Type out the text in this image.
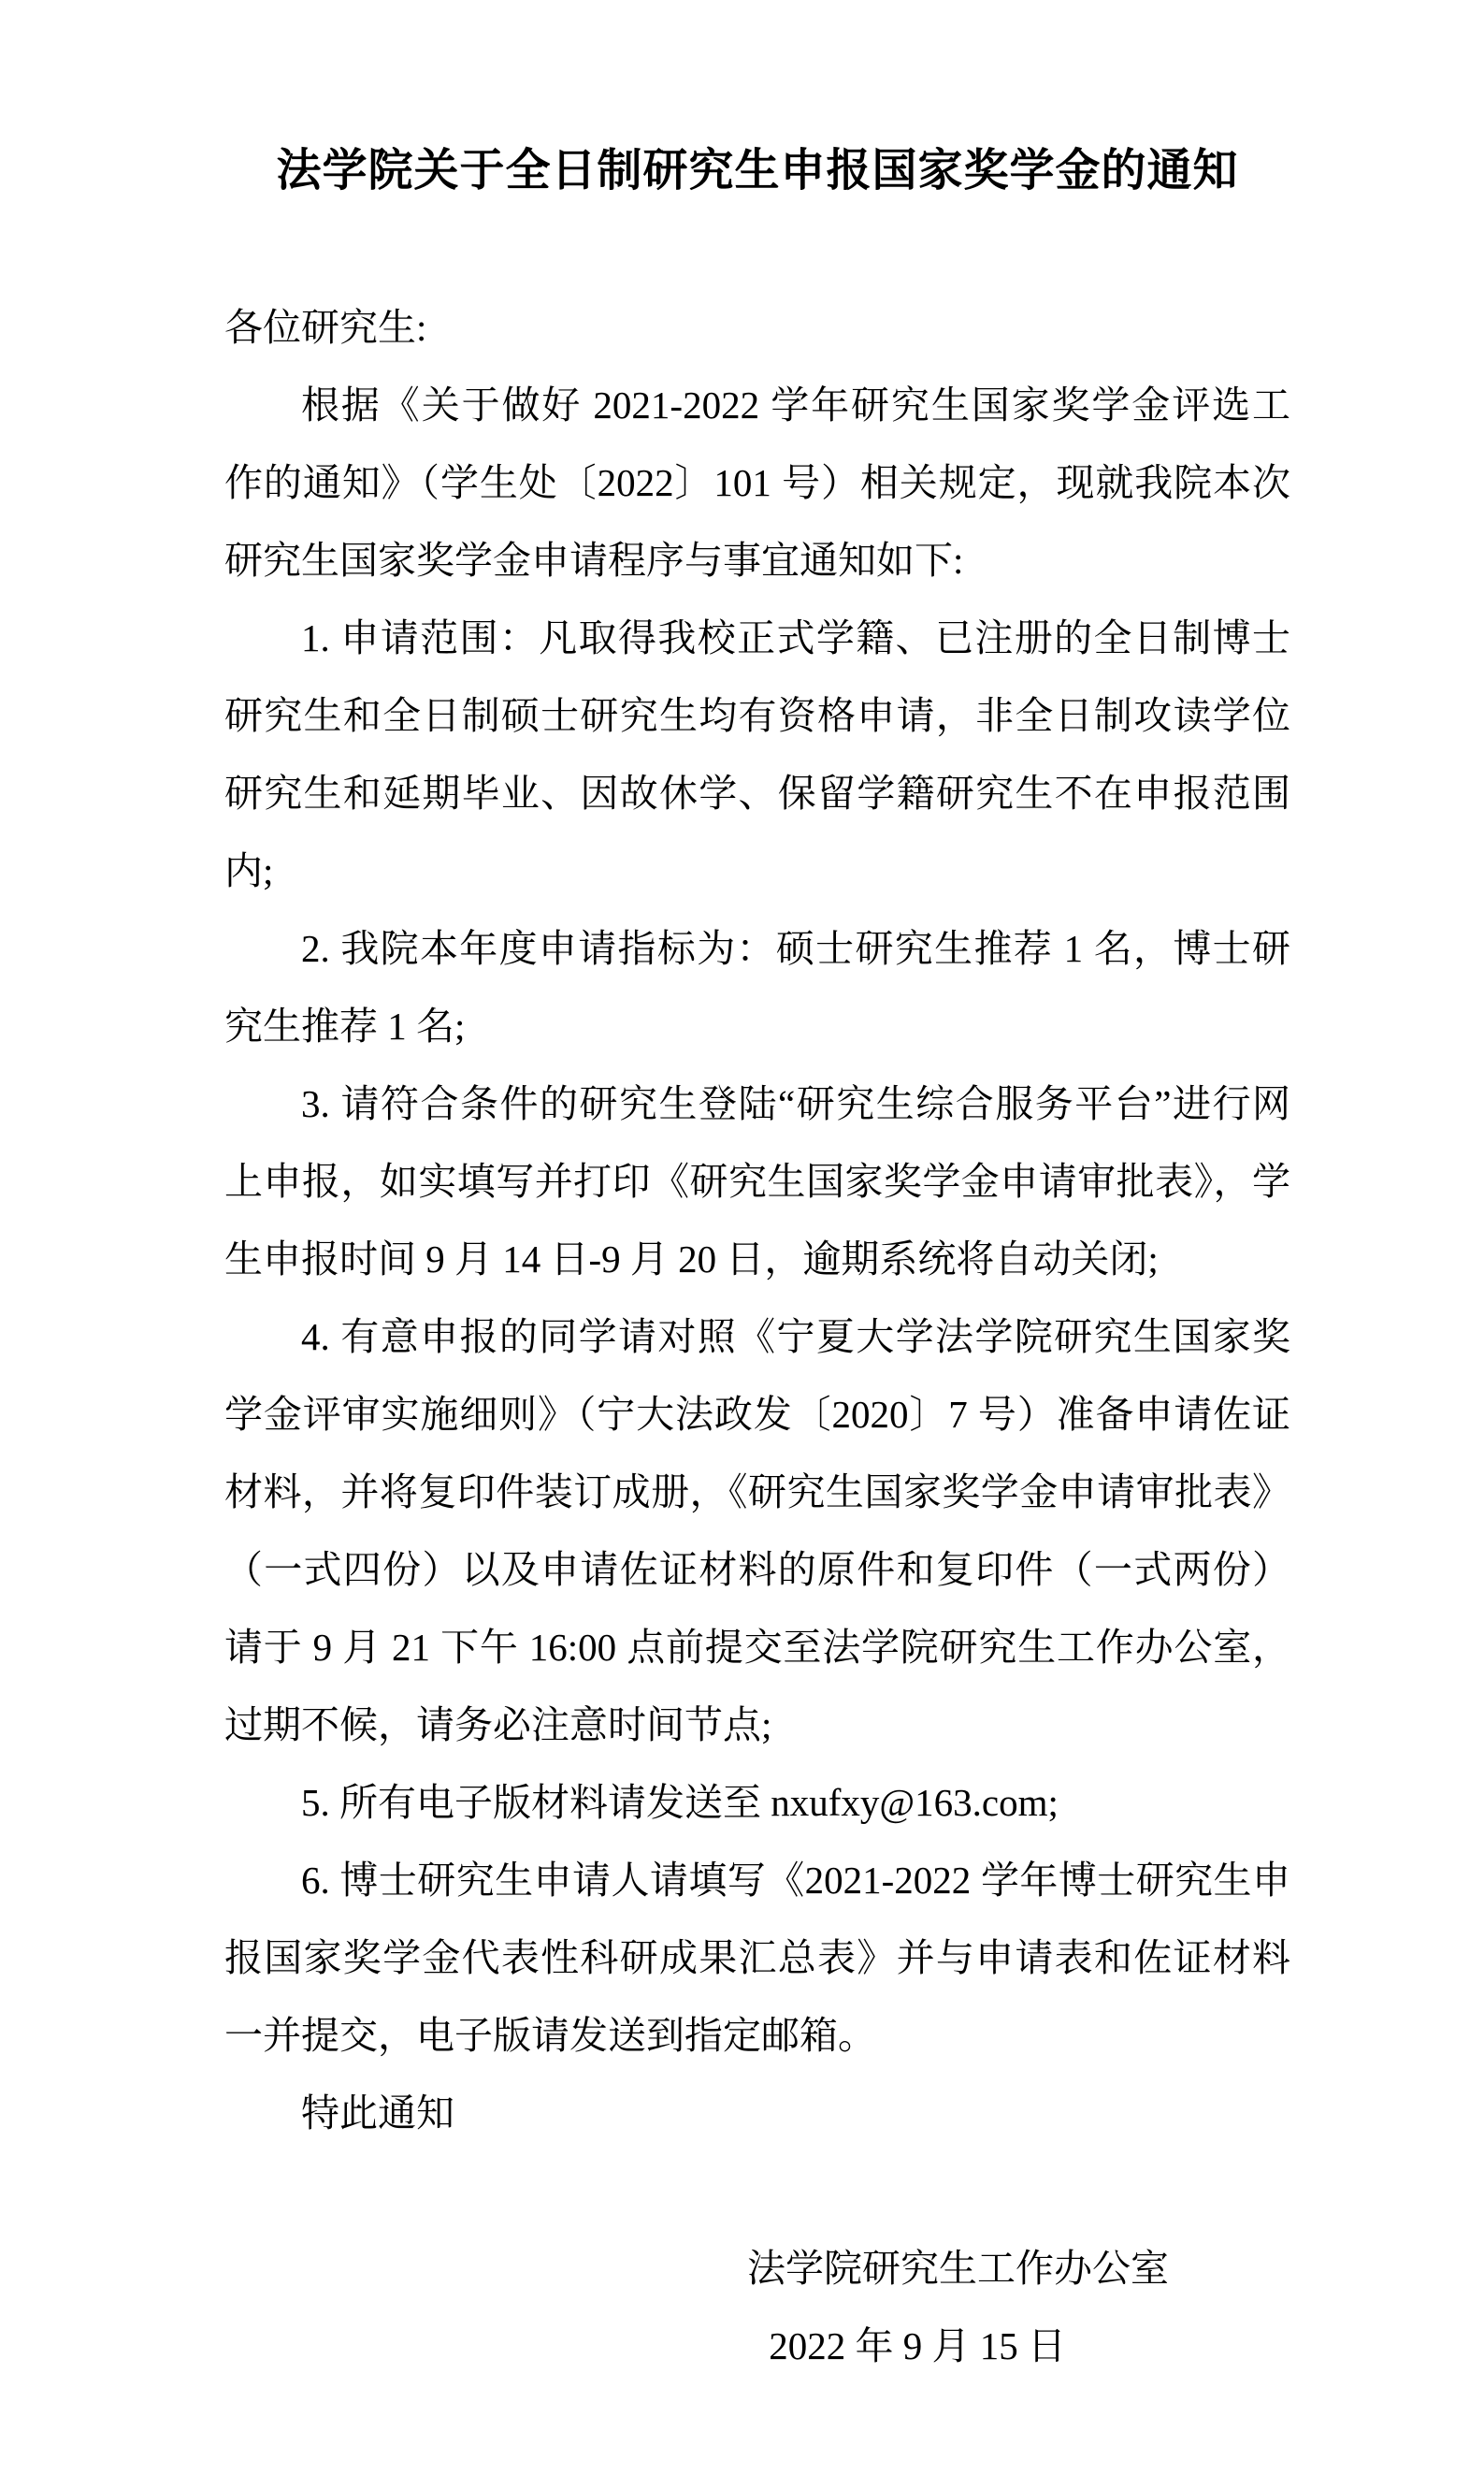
法学院关于全日制研究生申报国家奖学金的通知

各位研究生:

根据《关于做好 2021-2022 学年研究生国家奖学金评选工作的通知》（学生处〔2022〕101 号）相关规定，现就我院本次研究生国家奖学金申请程序与事宜通知如下:

1. 申请范围：凡取得我校正式学籍、已注册的全日制博士研究生和全日制硕士研究生均有资格申请，非全日制攻读学位研究生和延期毕业、因故休学、保留学籍研究生不在申报范围内;

2. 我院本年度申请指标为：硕士研究生推荐 1 名，博士研究生推荐 1 名;

3. 请符合条件的研究生登陆“研究生综合服务平台”进行网上申报，如实填写并打印《研究生国家奖学金申请审批表》，学生申报时间 9 月 14 日-9 月 20 日，逾期系统将自动关闭;

4. 有意申报的同学请对照《宁夏大学法学院研究生国家奖学金评审实施细则》（宁大法政发〔2020〕7 号）准备申请佐证材料，并将复印件装订成册，《研究生国家奖学金申请审批表》（一式四份）以及申请佐证材料的原件和复印件（一式两份）请于 9 月 21 下午 16:00 点前提交至法学院研究生工作办公室，过期不候，请务必注意时间节点;

5. 所有电子版材料请发送至 nxufxy@163.com;

6. 博士研究生申请人请填写《2021-2022 学年博士研究生申报国家奖学金代表性科研成果汇总表》并与申请表和佐证材料一并提交，电子版请发送到指定邮箱。

特此通知

法学院研究生工作办公室

2022 年 9 月 15 日
